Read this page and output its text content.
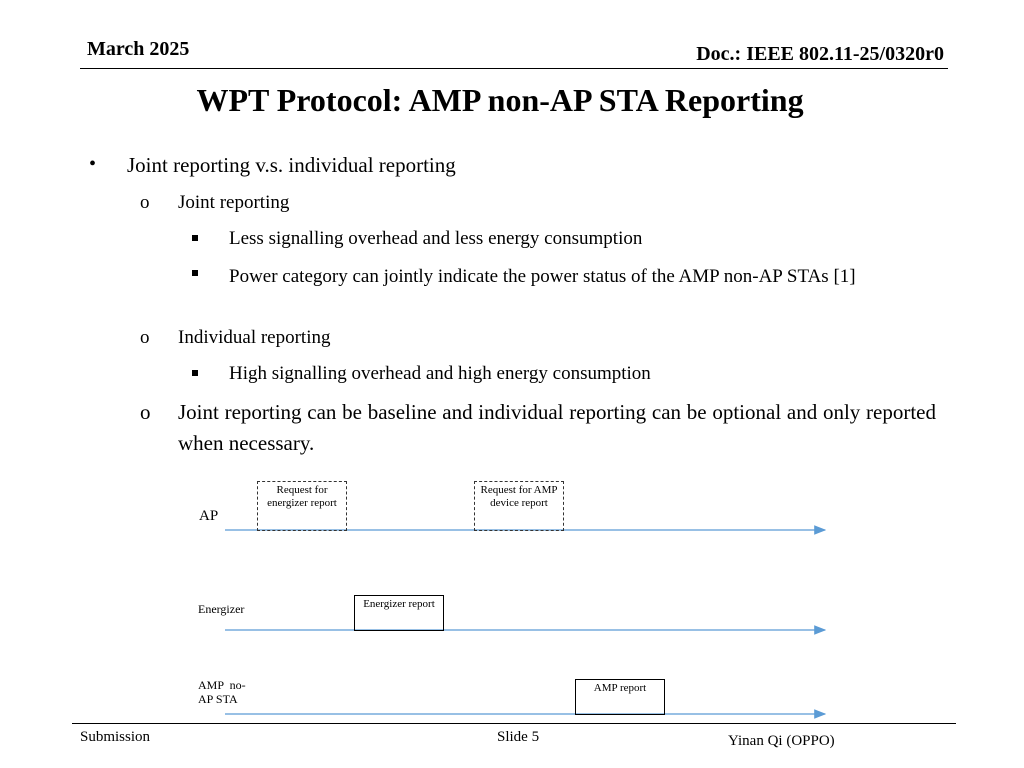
March 2025	Doc.: IEEE 802.11-25/0320r0
WPT Protocol: AMP non-AP STA Reporting
• Joint reporting v.s. individual reporting
o Joint reporting
Less signalling overhead and less energy consumption
Power category can jointly indicate the power status of the AMP non-AP STAs [1]
o Individual reporting
High signalling overhead and high energy consumption
o Joint reporting can be baseline and individual reporting can be optional and only reported when necessary.
AP
Energizer
AMP  no-
AP STA
Request for energizer report
Request for AMP device report
Energizer report
AMP report
Submission	Slide 5	Yinan Qi (OPPO)
